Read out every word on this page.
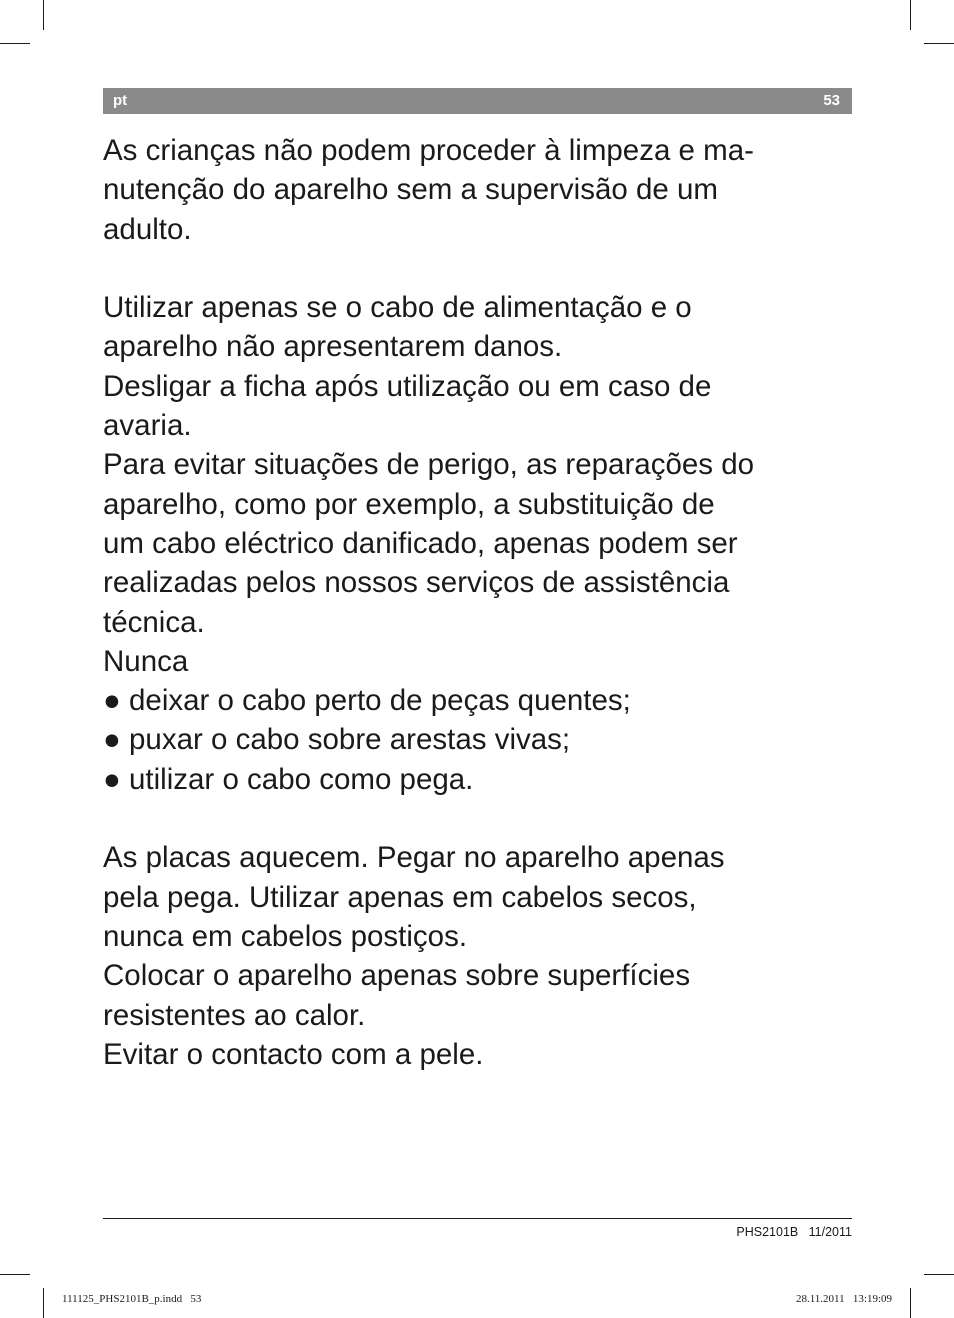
pt	53

As crianças não podem proceder à limpeza e ma-
nutenção do aparelho sem a supervisão de um
adulto.

Utilizar apenas se o cabo de alimentação e o
aparelho não apresentarem danos.

Desligar a ficha após utilização ou em caso de
avaria.

Para evitar situações de perigo, as reparações do
aparelho, como por exemplo, a substituição de
um cabo eléctrico danificado, apenas podem ser
realizadas pelos nossos serviços de assistência
técnica.

Nunca

● deixar o cabo perto de peças quentes;

● puxar o cabo sobre arestas vivas;

● utilizar o cabo como pega.

As placas aquecem. Pegar no aparelho apenas
pela pega. Utilizar apenas em cabelos secos,
nunca em cabelos postiços.

Colocar o aparelho apenas sobre superfícies
resistentes ao calor.

Evitar o contacto com a pele.

PHS2101B   11/2011
111125_PHS2101B_p.indd   53	28.11.2011   13:19:09
